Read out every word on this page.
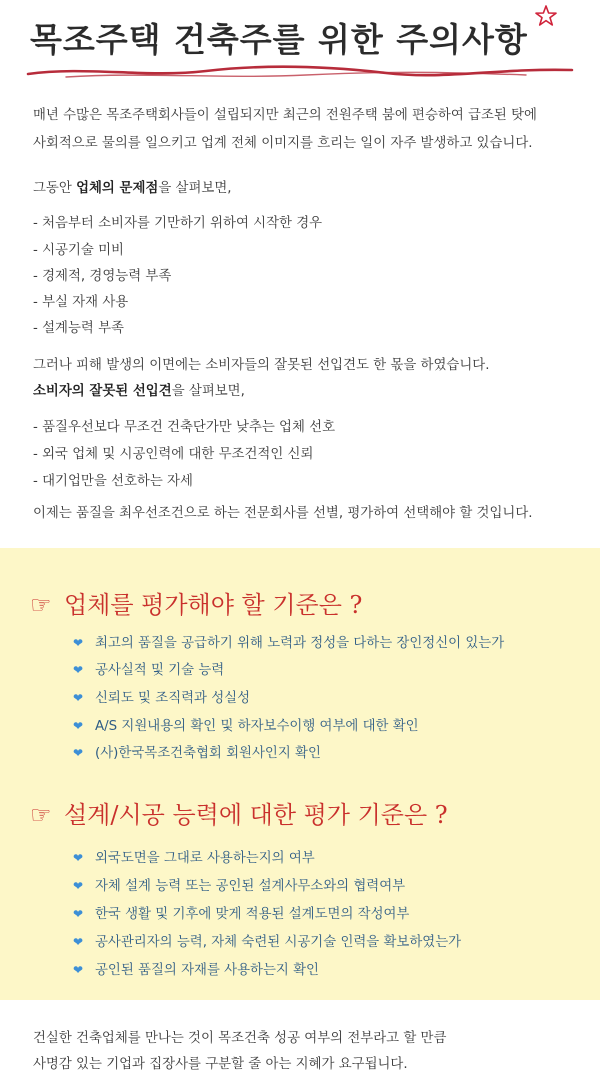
목조주택 건축주를 위한 주의사항
매년 수많은 목조주택회사들이 설립되지만 최근의 전원주택 붐에 편승하여 급조된 탓에
사회적으로 물의를 일으키고 업계 전체 이미지를 흐리는 일이 자주 발생하고 있습니다.
그동안 업체의 문제점을 살펴보면,
- 처음부터 소비자를 기만하기 위하여 시작한 경우
- 시공기술 미비
- 경제적, 경영능력 부족
- 부실 자재 사용
- 설계능력 부족
그러나 피해 발생의 이면에는 소비자들의 잘못된 선입견도 한 몫을 하였습니다.
소비자의 잘못된 선입견을 살펴보면,
- 품질우선보다 무조건 건축단가만 낮추는 업체 선호
- 외국 업체 및 시공인력에 대한 무조건적인 신뢰
- 대기업만을 선호하는 자세
이제는 품질을 최우선조건으로 하는 전문회사를 선별, 평가하여 선택해야 할 것입니다.
☞ 업체를 평가해야 할 기준은 ?
❤ 최고의 품질을 공급하기 위해 노력과 정성을 다하는 장인정신이 있는가
❤ 공사실적 및 기술 능력
❤ 신뢰도 및 조직력과 성실성
❤ A/S 지원내용의 확인 및 하자보수이행 여부에 대한 확인
❤ (사)한국목조건축협회 회원사인지 확인
☞ 설계/시공 능력에 대한 평가 기준은 ?
❤ 외국도면을 그대로 사용하는지의 여부
❤ 자체 설계 능력 또는 공인된 설계사무소와의 협력여부
❤ 한국 생활 및 기후에 맞게 적용된 설계도면의 작성여부
❤ 공사관리자의 능력, 자체 숙련된 시공기술 인력을 확보하였는가
❤ 공인된 품질의 자재를 사용하는지 확인
건실한 건축업체를 만나는 것이 목조건축 성공 여부의 전부라고 할 만큼
사명감 있는 기업과 집장사를 구분할 줄 아는 지혜가 요구됩니다.
